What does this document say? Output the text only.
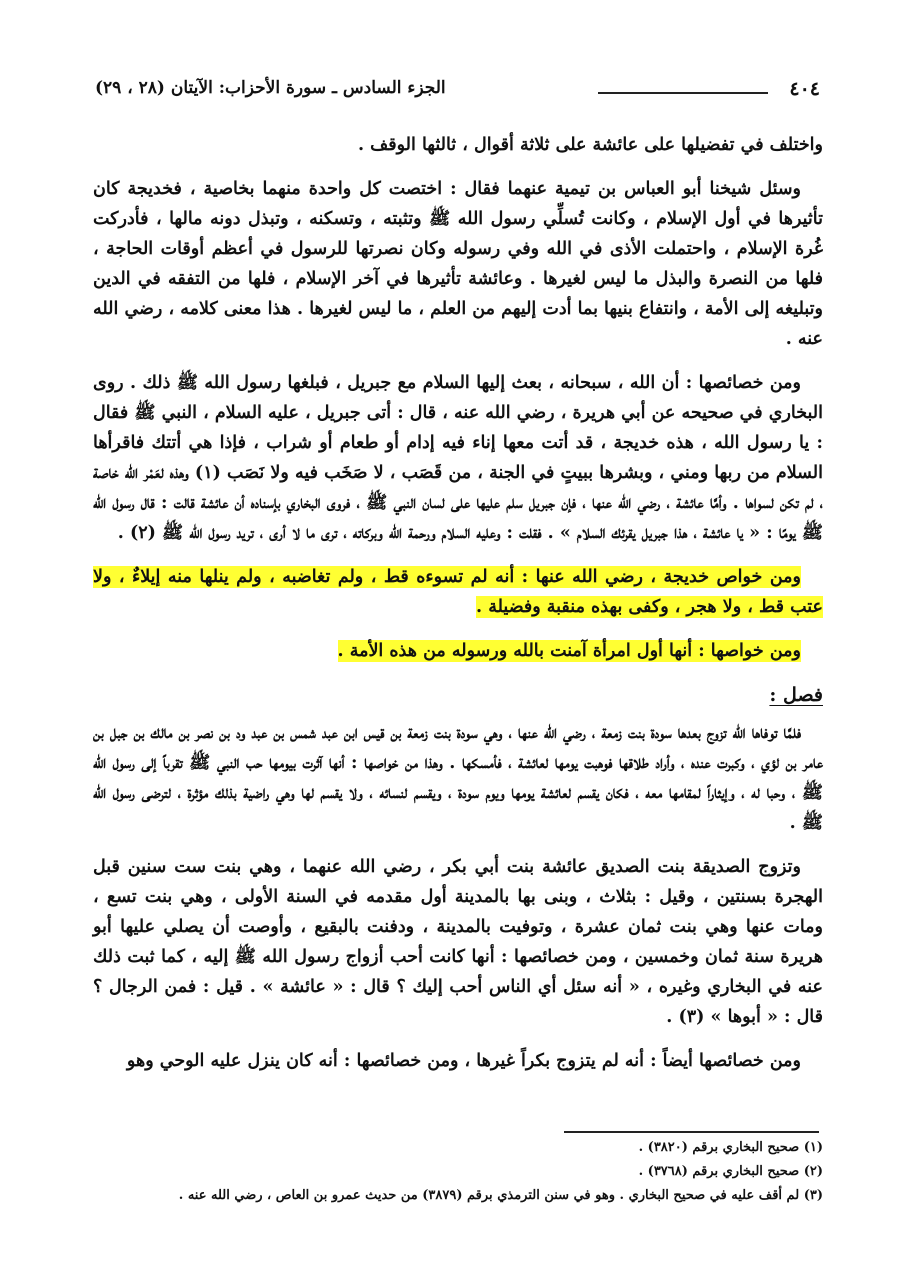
٤٠٤
الجزء السادس ـ سورة الأحزاب: الآيتان (٢٨ ، ٢٩)

واختلف في تفضيلها على عائشة على ثلاثة أقوال ، ثالثها الوقف .

وسئل شيخنا أبو العباس بن تيمية عنهما فقال : اختصت كل واحدة منهما بخاصية ، فخديجة كان تأثيرها في أول الإسلام ، وكانت تُسلِّي رسول الله ﷺ وتثبته ، وتسكنه ، وتبذل دونه مالها ، فأدركت غُرة الإسلام ، واحتملت الأذى في الله وفي رسوله وكان نصرتها للرسول في أعظم أوقات الحاجة ، فلها من النصرة والبذل ما ليس لغيرها . وعائشة تأثيرها في آخر الإسلام ، فلها من التفقه في الدين وتبليغه إلى الأمة ، وانتفاع بنيها بما أدت إليهم من العلم ، ما ليس لغيرها . هذا معنى كلامه ، رضي الله عنه .

ومن خصائصها : أن الله ، سبحانه ، بعث إليها السلام مع جبريل ، فبلغها رسول الله ﷺ ذلك . روى البخاري في صحيحه عن أبي هريرة ، رضي الله عنه ، قال : أتى جبريل ، عليه السلام ، النبي ﷺ فقال : يا رسول الله ، هذه خديجة ، قد أتت معها إناء فيه إدام أو طعام أو شراب ، فإذا هي أتتك فاقرأها السلام من ربها ومني ، وبشرها ببيتٍ في الجنة ، من قَصَب ، لا صَخَب فيه ولا نَصَب (١) وهذه لعَمْر الله خاصة ، لم تكن لسواها . وأمَّا عائشة ، رضي الله عنها ، فإن جبريل سلم عليها على لسان النبي ﷺ ، فروى البخاري بإسناده أن عائشة قالت : قال رسول الله ﷺ يومًا : « يا عائشة ، هذا جبريل يقرئك السلام » . فقلت : وعليه السلام ورحمة الله وبركاته ، ترى ما لا أرى ، تريد رسول الله ﷺ (٢) .

ومن خواص خديجة ، رضي الله عنها : أنه لم تسوءه قط ، ولم تغاضبه ، ولم ينلها منه إيلاءٌ ، ولا عتب قط ، ولا هجر ، وكفى بهذه منقبة وفضيلة .

ومن خواصها : أنها أول امرأة آمنت بالله ورسوله من هذه الأمة .

فصل :

فلمَّا توفاها الله تزوج بعدها سودة بنت زمعة ، رضي الله عنها ، وهي سودة بنت زمعة بن قيس ابن عبد شمس بن عبد ود بن نصر بن مالك بن جبل بن عامر بن لؤي ، وكبرت عنده ، وأراد طلاقها فوهبت يومها لعائشة ، فأمسكها . وهذا من خواصها : أنها آثرت بيومها حب النبي ﷺ تقرباً إلى رسول الله ﷺ ، وحبا له ، وإيثاراً لمقامها معه ، فكان يقسم لعائشة يومها ويوم سودة ، ويقسم لنسائه ، ولا يقسم لها وهي راضية بذلك مؤثرة ، لترضى رسول الله ﷺ .

وتزوج الصديقة بنت الصديق عائشة بنت أبي بكر ، رضي الله عنهما ، وهي بنت ست سنين قبل الهجرة بسنتين ، وقيل : بثلاث ، وبنى بها بالمدينة أول مقدمه في السنة الأولى ، وهي بنت تسع ، ومات عنها وهي بنت ثمان عشرة ، وتوفيت بالمدينة ، ودفنت بالبقيع ، وأوصت أن يصلي عليها أبو هريرة سنة ثمان وخمسين ، ومن خصائصها : أنها كانت أحب أزواج رسول الله ﷺ إليه ، كما ثبت ذلك عنه في البخاري وغيره ، « أنه سئل أي الناس أحب إليك ؟ قال : « عائشة » . قيل : فمن الرجال ؟ قال : « أبوها » (٣) .

ومن خصائصها أيضاً : أنه لم يتزوج بكراً غيرها ، ومن خصائصها : أنه كان ينزل عليه الوحي وهو

(١) صحيح البخاري برقم (٣٨٢٠) .
(٢) صحيح البخاري برقم (٣٧٦٨) .
(٣) لم أقف عليه في صحيح البخاري . وهو في سنن الترمذي برقم (٣٨٧٩) من حديث عمرو بن العاص ، رضي الله عنه .
